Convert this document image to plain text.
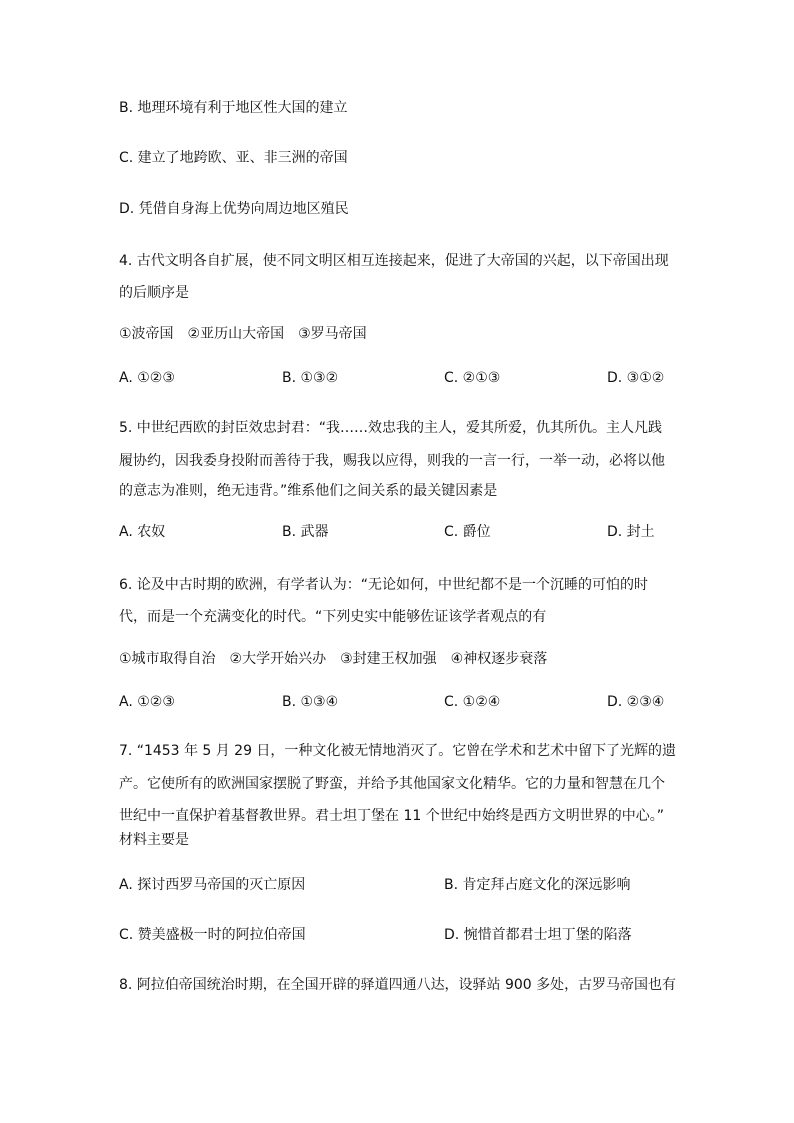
B. 地理环境有利于地区性大国的建立
C. 建立了地跨欧、亚、非三洲的帝国
D. 凭借自身海上优势向周边地区殖民
4. 古代文明各自扩展，使不同文明区相互连接起来，促进了大帝国的兴起，以下帝国出现
的后顺序是
①波帝国　②亚历山大帝国　③罗马帝国
A. ①②③	B. ①③②	C. ②①③	D. ③①②
5. 中世纪西欧的封臣效忠封君：“我……效忠我的主人，爱其所爱，仇其所仇。主人凡践
履协约，因我委身投附而善待于我，赐我以应得，则我的一言一行，一举一动，必将以他
的意志为准则，绝无违背。”维系他们之间关系的最关键因素是
A. 农奴	B. 武器	C. 爵位	D. 封土
6. 论及中古时期的欧洲，有学者认为：“无论如何，中世纪都不是一个沉睡的可怕的时
代，而是一个充满变化的时代。“下列史实中能够佐证该学者观点的有
①城市取得自治　②大学开始兴办　③封建王权加强　④神权逐步衰落
A. ①②③	B. ①③④	C. ①②④	D. ②③④
7. “1453 年 5 月 29 日，一种文化被无情地消灭了。它曾在学术和艺术中留下了光辉的遗
产。它使所有的欧洲国家摆脱了野蛮，并给予其他国家文化精华。它的力量和智慧在几个
世纪中一直保护着基督教世界。君士坦丁堡在 11 个世纪中始终是西方文明世界的中心。”
材料主要是
A. 探讨西罗马帝国的灭亡原因	B. 肯定拜占庭文化的深远影响
C. 赞美盛极一时的阿拉伯帝国	D. 惋惜首都君士坦丁堡的陷落
8. 阿拉伯帝国统治时期，在全国开辟的驿道四通八达，设驿站 900 多处，古罗马帝国也有
